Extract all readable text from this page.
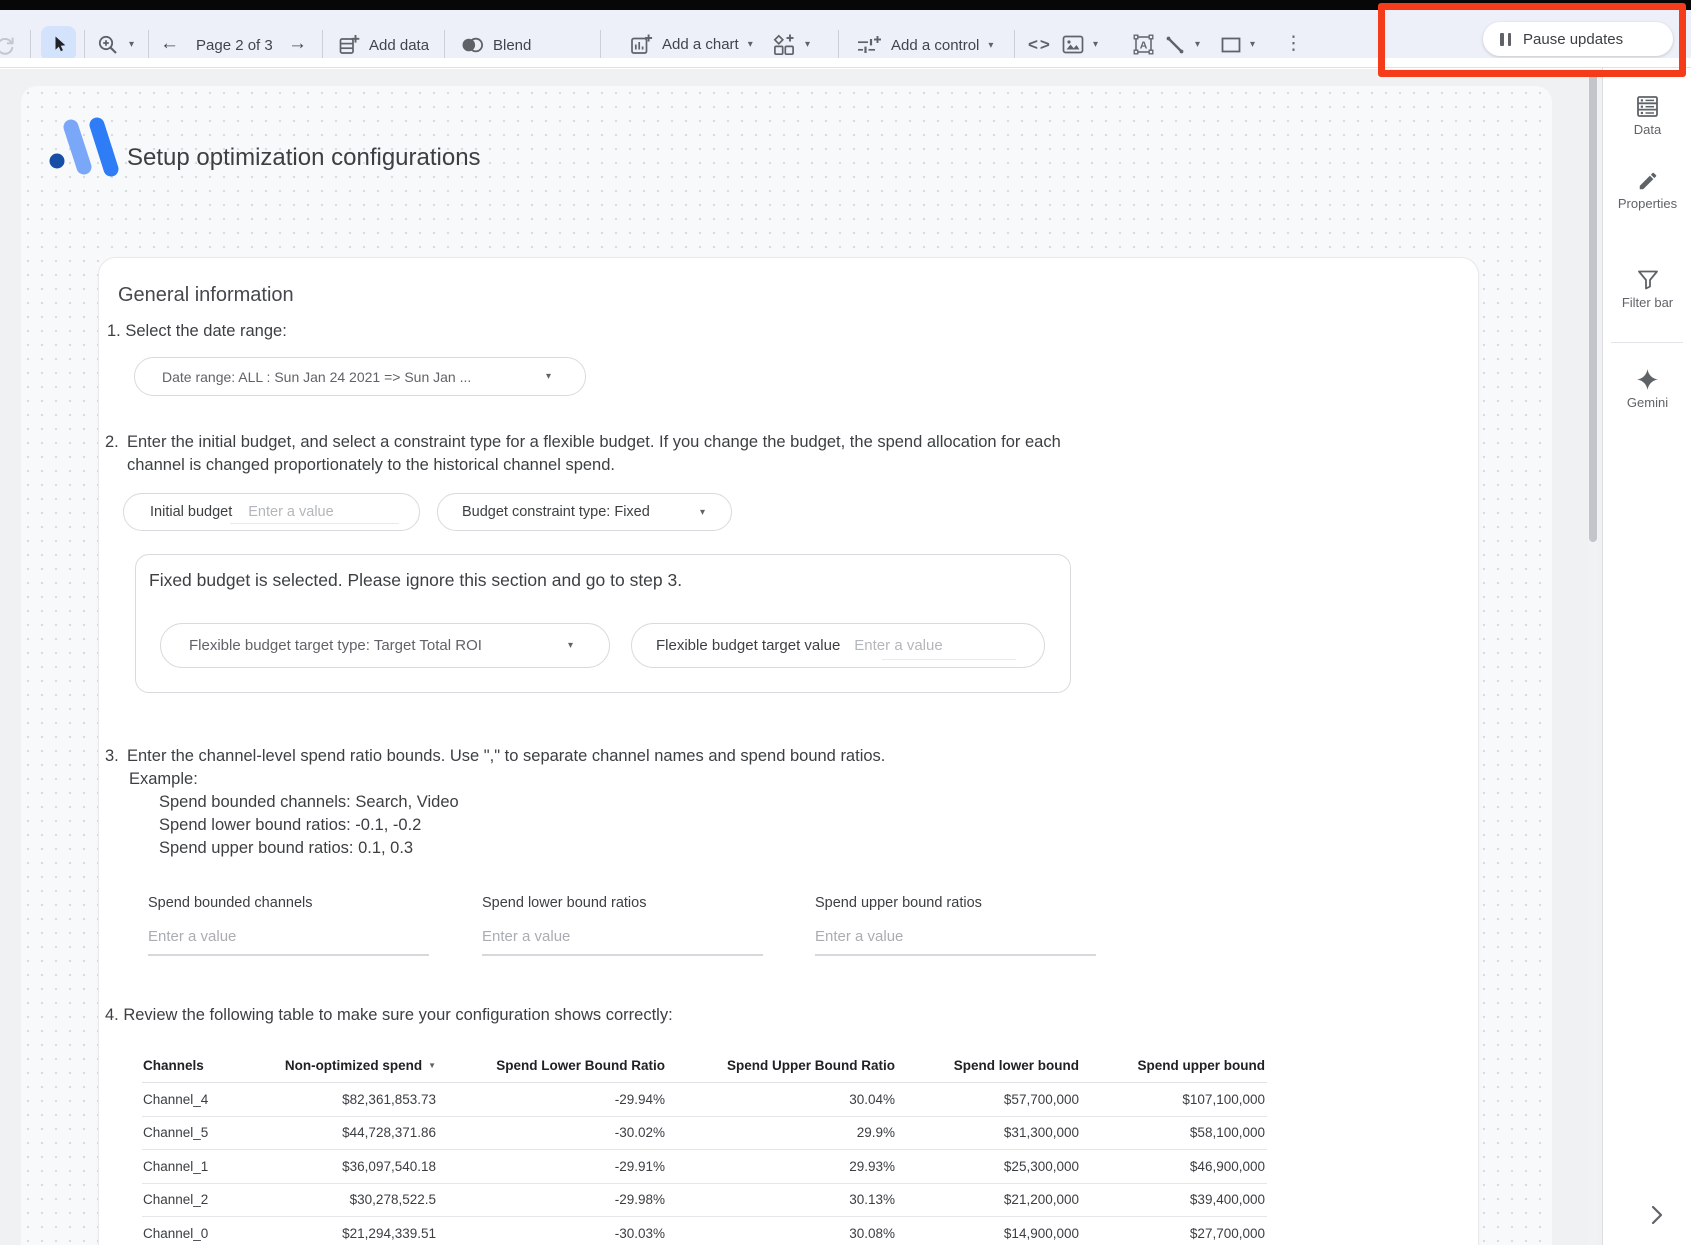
▾ ← Page 2 of 3 →	Add data	Blend	Add a chart ▾	▾	Add a control ▾ <>	▾	A	▾	▾ ⋮	Pause updates
Setup optimization configurations
General information
1. Select the date range:
Date range: ALL : Sun Jan 24 2021 => Sun Jan ...	▾
2. Enter the initial budget, and select a constraint type for a flexible budget. If you change the budget, the spend allocation for each
channel is changed proportionately to the historical channel spend.
Initial budget	Enter a value	Budget constraint type: Fixed	▾
Fixed budget is selected. Please ignore this section and go to step 3.
Flexible budget target type: Target Total ROI	▾	Flexible budget target value Enter a value
3. Enter the channel-level spend ratio bounds. Use "," to separate channel names and spend bound ratios.
Example:
Spend bounded channels: Search, Video
Spend lower bound ratios: -0.1, -0.2
Spend upper bound ratios: 0.1, 0.3
Spend bounded channels
Enter a value
Spend lower bound ratios
Enter a value
Spend upper bound ratios
Enter a value
4. Review the following table to make sure your configuration shows correctly:
Channels	Non-optimized spend ▼	Spend Lower Bound Ratio	Spend Upper Bound Ratio	Spend lower bound	Spend upper bound
Channel_4	$82,361,853.73	-29.94%	30.04%	$57,700,000	$107,100,000
Channel_5	$44,728,371.86	-30.02%	29.9%	$31,300,000	$58,100,000
Channel_1	$36,097,540.18	-29.91%	29.93%	$25,300,000	$46,900,000
Channel_2	$30,278,522.5	-29.98%	30.13%	$21,200,000	$39,400,000
Channel_0	$21,294,339.51	-30.03%	30.08%	$14,900,000	$27,700,000
Data
Properties
Filter bar
Gemini
